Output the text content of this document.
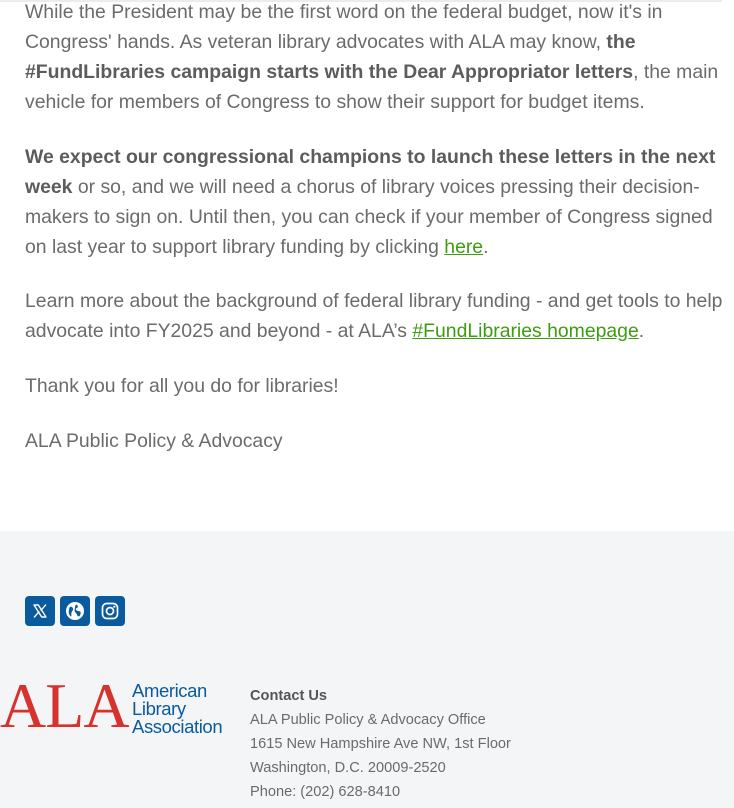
While the President may be the first word on the federal budget, now it's in Congress' hands. As veteran library advocates with ALA may know, the #FundLibraries campaign starts with the Dear Appropriator letters, the main vehicle for members of Congress to show their support for budget items.

We expect our congressional champions to launch these letters in the next week or so, and we will need a chorus of library voices pressing their decision-makers to sign on. Until then, you can check if your member of Congress signed on last year to support library funding by clicking here.

Learn more about the background of federal library funding - and get tools to help advocate into FY2025 and beyond - at ALA’s #FundLibraries homepage.

Thank you for all you do for libraries!

ALA Public Policy & Advocacy

ALA American
Library
Association
Contact Us
ALA Public Policy & Advocacy Office
1615 New Hampshire Ave NW, 1st Floor
Washington, D.C. 20009-2520
Phone: (202) 628-8410
